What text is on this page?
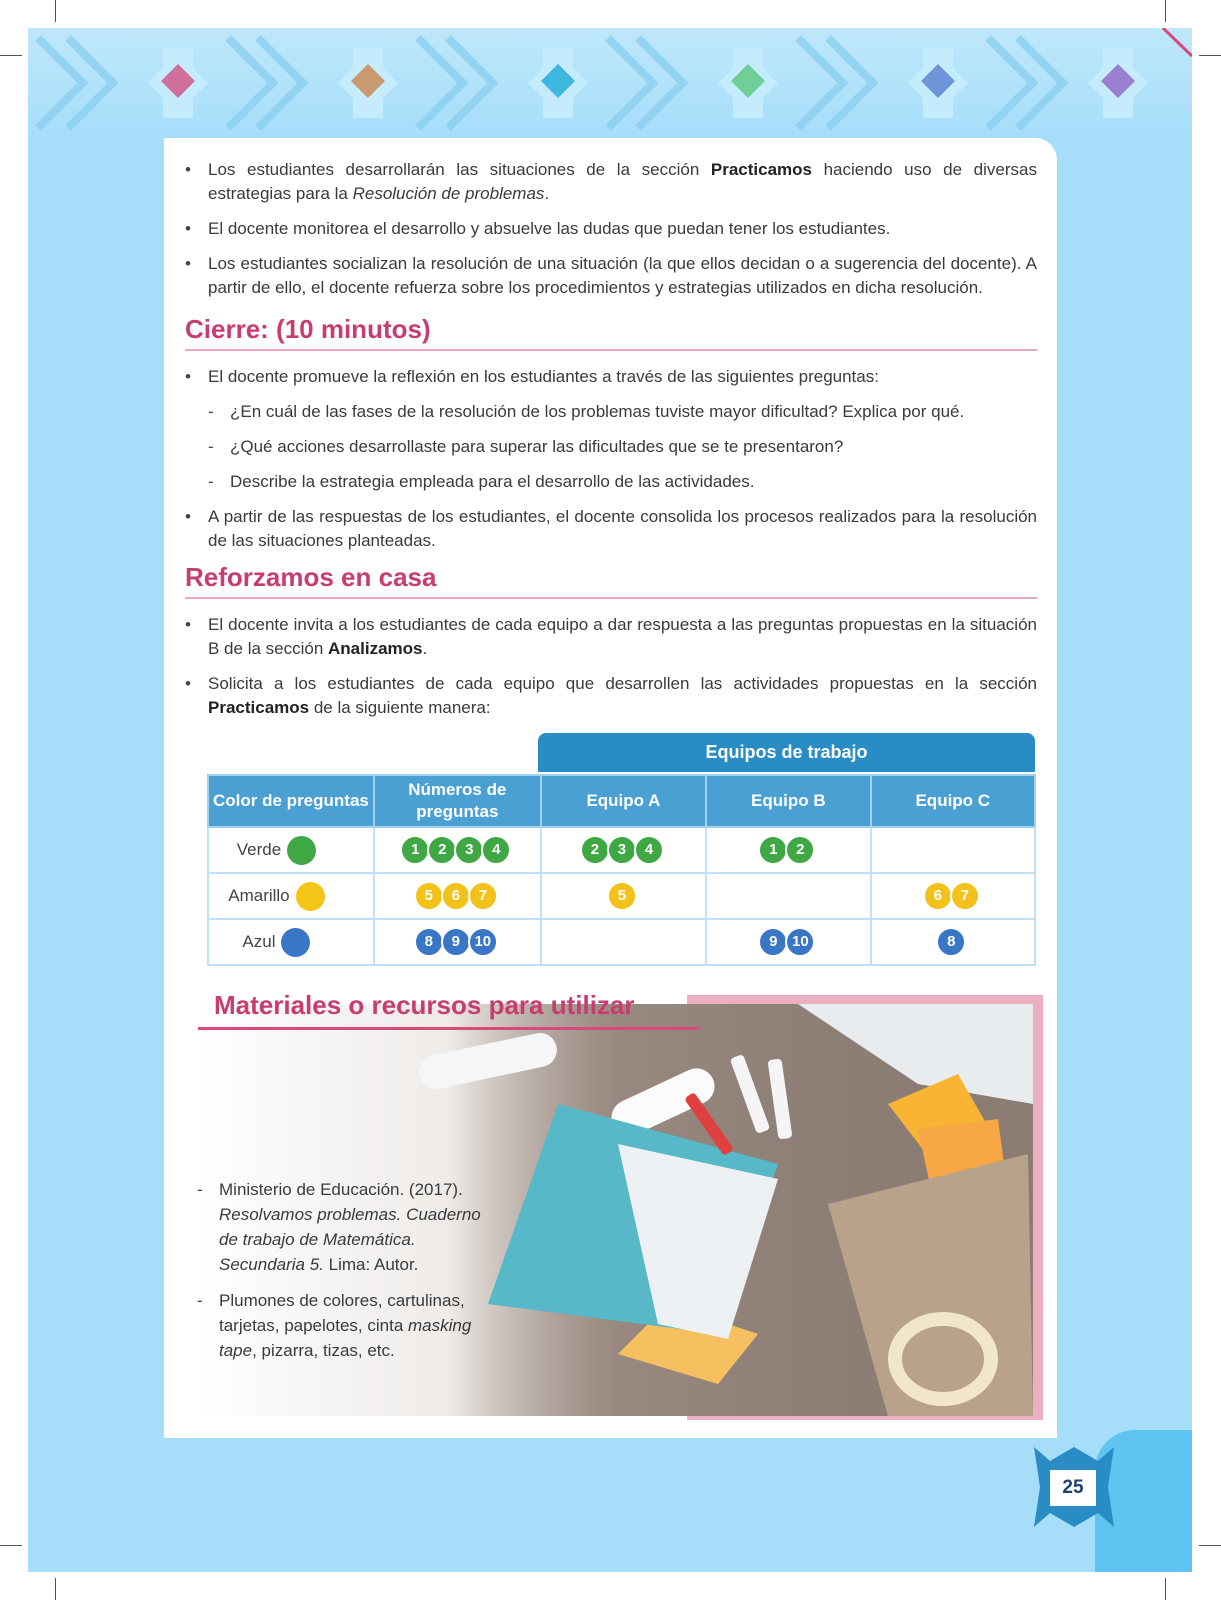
• Los estudiantes desarrollarán las situaciones de la sección Practicamos haciendo uso de diversas estrategias para la Resolución de problemas.
• El docente monitorea el desarrollo y absuelve las dudas que puedan tener los estudiantes.
• Los estudiantes socializan la resolución de una situación (la que ellos decidan o a sugerencia del docente). A partir de ello, el docente refuerza sobre los procedimientos y estrategias utilizados en dicha resolución.
Cierre: (10 minutos)
• El docente promueve la reflexión en los estudiantes a través de las siguientes preguntas:
- ¿En cuál de las fases de la resolución de los problemas tuviste mayor dificultad? Explica por qué.
- ¿Qué acciones desarrollaste para superar las dificultades que se te presentaron?
- Describe la estrategia empleada para el desarrollo de las actividades.
• A partir de las respuestas de los estudiantes, el docente consolida los procesos realizados para la resolución de las situaciones planteadas.
Reforzamos en casa
• El docente invita a los estudiantes de cada equipo a dar respuesta a las preguntas propuestas en la situación B de la sección Analizamos.
• Solicita a los estudiantes de cada equipo que desarrollen las actividades propuestas en la sección Practicamos de la siguiente manera:
Equipos de trabajo
Color de preguntas	Números de preguntas	Equipo A	Equipo B	Equipo C
Verde	1 2 3 4	2 3 4	1 2	

Amarillo	5 6 7	5		6 7

Azul	8 9 10		9 10	8
Materiales o recursos para utilizar
- Ministerio de Educación. (2017). Resolvamos problemas. Cuaderno de trabajo de Matemática. Secundaria 5. Lima: Autor.
- Plumones de colores, cartulinas, tarjetas, papelotes, cinta masking tape, pizarra, tizas, etc.
25
